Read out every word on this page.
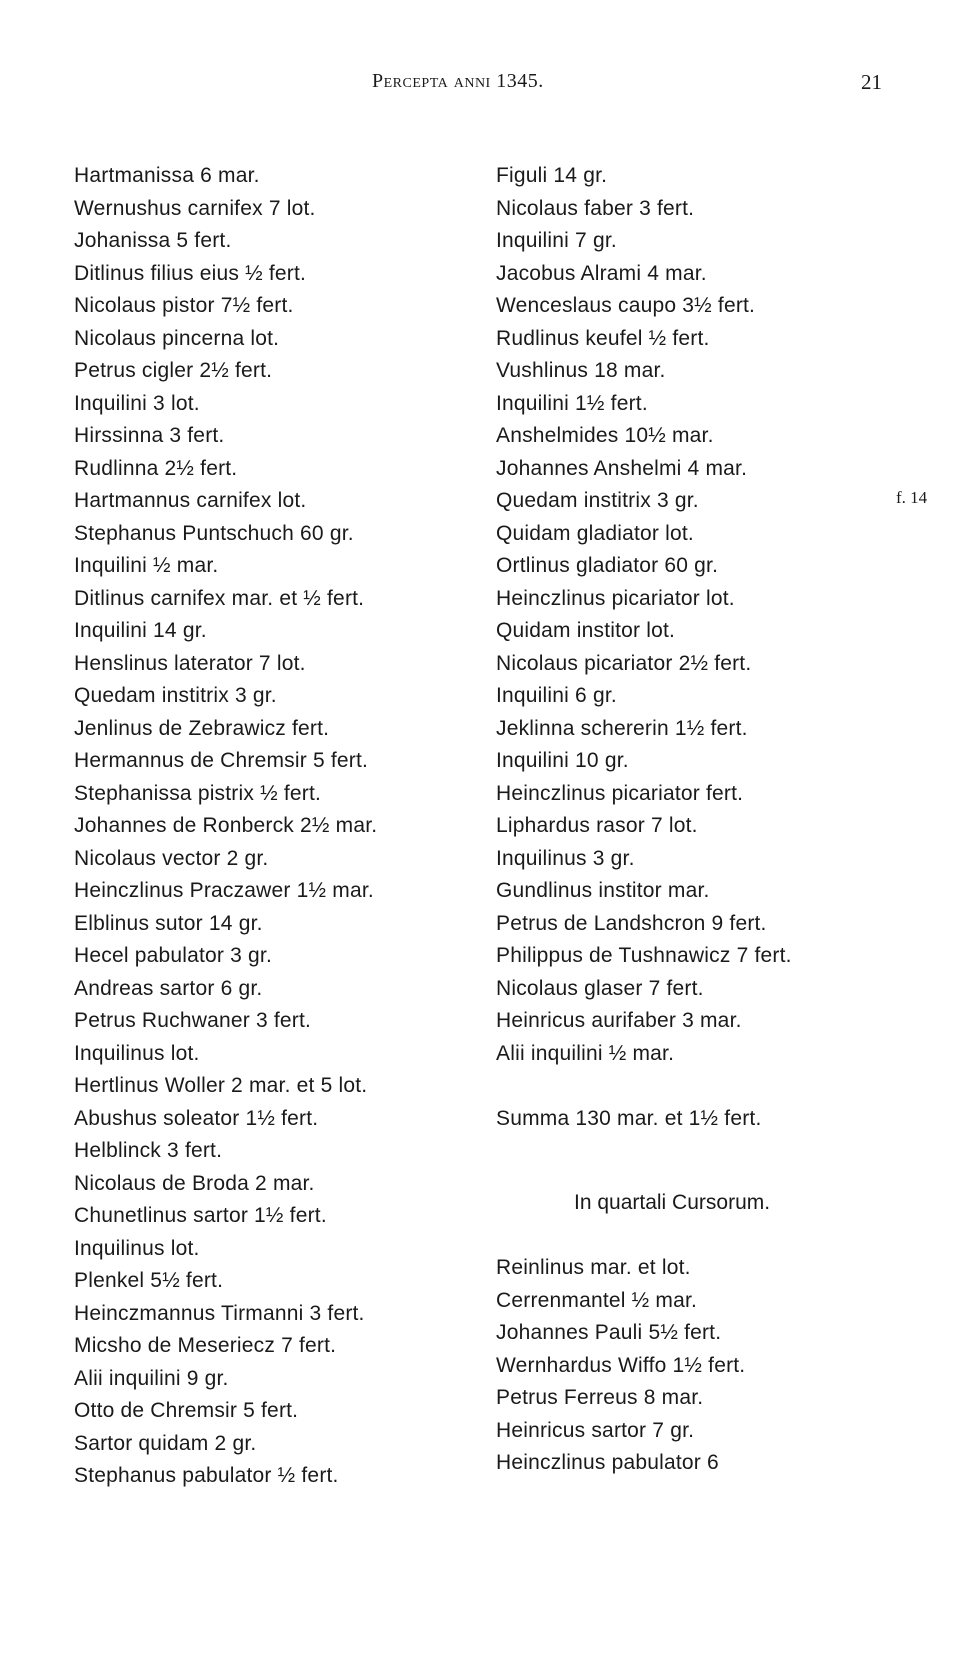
Percepta anni 1345.	21
f. 14
Hartmanissa 6 mar.
Wernushus carnifex 7 lot.
Johanissa 5 fert.
Ditlinus filius eius ½ fert.
Nicolaus pistor 7½ fert.
Nicolaus pincerna lot.
Petrus cigler 2½ fert.
Inquilini 3 lot.
Hirssinna 3 fert.
Rudlinna 2½ fert.
Hartmannus carnifex lot.
Stephanus Puntschuch 60 gr.
Inquilini ½ mar.
Ditlinus carnifex mar. et ½ fert.
Inquilini 14 gr.
Henslinus laterator 7 lot.
Quedam institrix 3 gr.
Jenlinus de Zebrawicz fert.
Hermannus de Chremsir 5 fert.
Stephanissa pistrix ½ fert.
Johannes de Ronberck 2½ mar.
Nicolaus vector 2 gr.
Heinczlinus Praczawer 1½ mar.
Elblinus sutor 14 gr.
Hecel pabulator 3 gr.
Andreas sartor 6 gr.
Petrus Ruchwaner 3 fert.
Inquilinus lot.
Hertlinus Woller 2 mar. et 5 lot.
Abushus soleator 1½ fert.
Helblinck 3 fert.
Nicolaus de Broda 2 mar.
Chunetlinus sartor 1½ fert.
Inquilinus lot.
Plenkel 5½ fert.
Heinczmannus Tirmanni 3 fert.
Micsho de Meseriecz 7 fert.
Alii inquilini 9 gr.
Otto de Chremsir 5 fert.
Sartor quidam 2 gr.
Stephanus pabulator ½ fert.
Figuli 14 gr.
Nicolaus faber 3 fert.
Inquilini 7 gr.
Jacobus Alrami 4 mar.
Wenceslaus caupo 3½ fert.
Rudlinus keufel ½ fert.
Vushlinus 18 mar.
Inquilini 1½ fert.
Anshelmides 10½ mar.
Johannes Anshelmi 4 mar.
Quedam institrix 3 gr.
Quidam gladiator lot.
Ortlinus gladiator 60 gr.
Heinczlinus picariator lot.
Quidam institor lot.
Nicolaus picariator 2½ fert.
Inquilini 6 gr.
Jeklinna schererin 1½ fert.
Inquilini 10 gr.
Heinczlinus picariator fert.
Liphardus rasor 7 lot.
Inquilinus 3 gr.
Gundlinus institor mar.
Petrus de Landshcron 9 fert.
Philippus de Tushnawicz 7 fert.
Nicolaus glaser 7 fert.
Heinricus aurifaber 3 mar.
Alii inquilini ½ mar.
Summa 130 mar. et 1½ fert.
In quartali Cursorum.
Reinlinus mar. et lot.
Cerrenmantel ½ mar.
Johannes Pauli 5½ fert.
Wernhardus Wiffo 1½ fert.
Petrus Ferreus 8 mar.
Heinricus sartor 7 gr.
Heinczlinus pabulator 6
